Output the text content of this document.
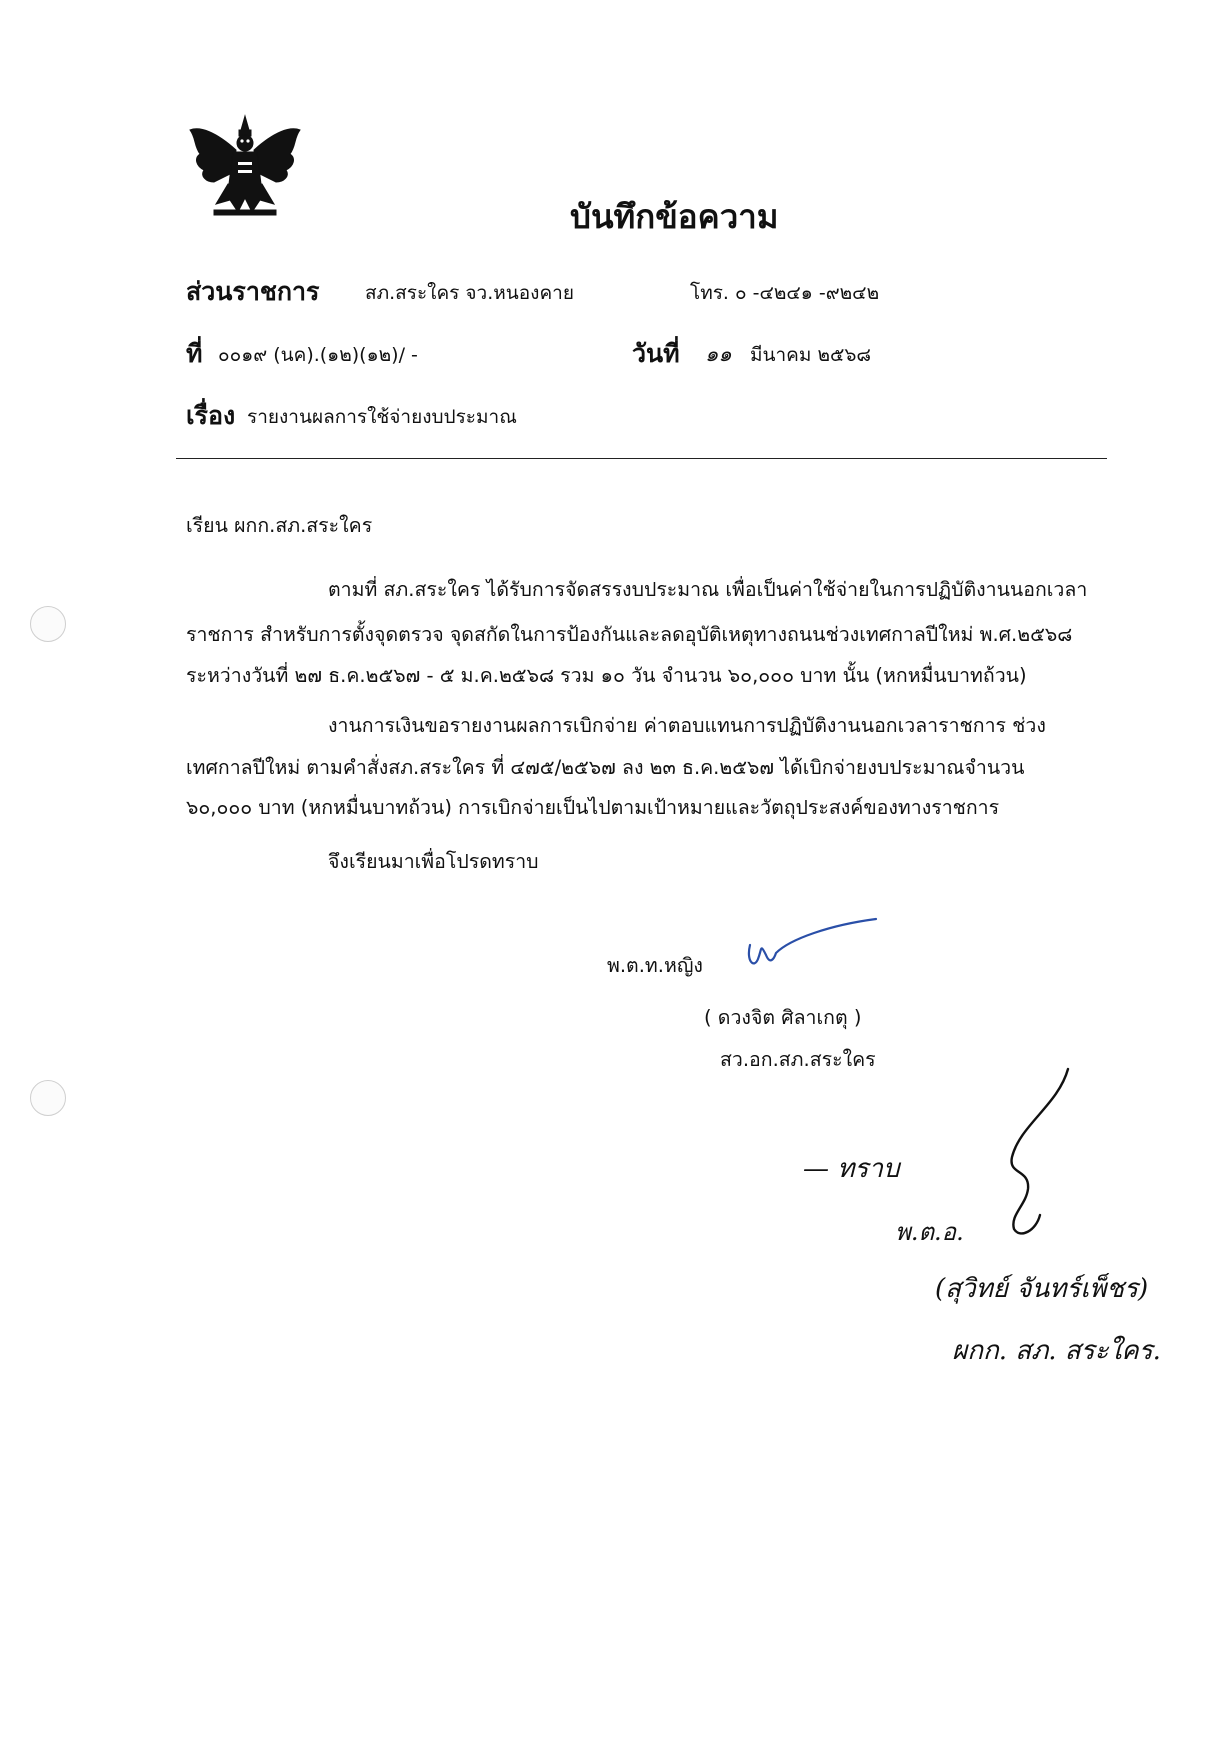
บันทึกข้อความ
ส่วนราชการ สภ.สระใคร จว.หนองคาย	โทร. ๐ -๔๒๔๑ -๙๒๔๒
ที่ ๐๐๑๙ (นค).(๑๒)(๑๒)/ -	วันที่ ๑๑ มีนาคม ๒๕๖๘
เรื่อง รายงานผลการใช้จ่ายงบประมาณ
เรียน ผกก.สภ.สระใคร
ตามที่ สภ.สระใคร ได้รับการจัดสรรงบประมาณ เพื่อเป็นค่าใช้จ่ายในการปฏิบัติงานนอกเวลา
ราชการ สำหรับการตั้งจุดตรวจ จุดสกัดในการป้องกันและลดอุบัติเหตุทางถนนช่วงเทศกาลปีใหม่ พ.ศ.๒๕๖๘
ระหว่างวันที่ ๒๗ ธ.ค.๒๕๖๗ - ๕ ม.ค.๒๕๖๘ รวม ๑๐ วัน จำนวน ๖๐,๐๐๐ บาท นั้น (หกหมื่นบาทถ้วน)
งานการเงินขอรายงานผลการเบิกจ่าย ค่าตอบแทนการปฏิบัติงานนอกเวลาราชการ ช่วง
เทศกาลปีใหม่ ตามคำสั่งสภ.สระใคร ที่ ๔๗๕/๒๕๖๗ ลง ๒๓ ธ.ค.๒๕๖๗ ได้เบิกจ่ายงบประมาณจำนวน
๖๐,๐๐๐ บาท (หกหมื่นบาทถ้วน) การเบิกจ่ายเป็นไปตามเป้าหมายและวัตถุประสงค์ของทางราชการ
จึงเรียนมาเพื่อโปรดทราบ
พ.ต.ท.หญิง
( ดวงจิต ศิลาเกตุ )
สว.อก.สภ.สระใคร
— ทราบ
พ.ต.อ.
(สุวิทย์ จันทร์เพ็ชร)
ผกก. สภ. สระใคร.
